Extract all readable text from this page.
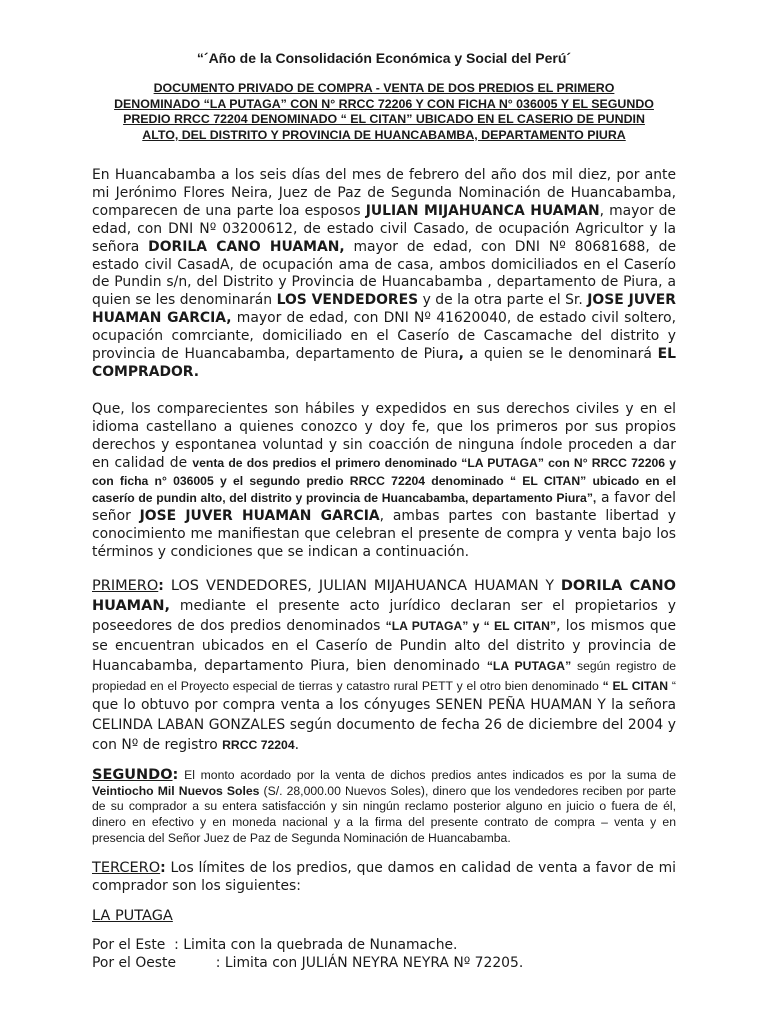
“´Año de la Consolidación Económica y Social del Perú´
DOCUMENTO PRIVADO DE COMPRA - VENTA DE DOS PREDIOS EL PRIMERO DENOMINADO “LA PUTAGA” CON N° RRCC 72206 Y CON FICHA N° 036005 Y EL SEGUNDO PREDIO RRCC 72204 DENOMINADO “ EL CITAN” UBICADO EN EL CASERIO DE PUNDIN ALTO, DEL DISTRITO Y PROVINCIA DE HUANCABAMBA, DEPARTAMENTO PIURA

En Huancabamba a los seis días del mes de febrero del año dos mil diez, por ante mi Jerónimo Flores Neira, Juez de Paz de Segunda Nominación de Huancabamba, comparecen de una parte loa esposos JULIAN MIJAHUANCA HUAMAN, mayor de edad, con DNI Nº 03200612, de estado civil Casado, de ocupación Agricultor y la señora DORILA CANO HUAMAN, mayor de edad, con DNI Nº 80681688, de estado civil CasadA, de ocupación ama de casa, ambos domiciliados en el Caserío de Pundin s/n, del Distrito y Provincia de Huancabamba , departamento de Piura, a quien se les denominarán LOS VENDEDORES y de la otra parte el Sr. JOSE JUVER HUAMAN GARCIA, mayor de edad, con DNI Nº 41620040, de estado civil soltero, ocupación comrciante, domiciliado en el Caserío de Cascamache del distrito y provincia de Huancabamba, departamento de Piura, a quien se le denominará EL COMPRADOR.

Que, los comparecientes son hábiles y expedidos en sus derechos civiles y en el idioma castellano a quienes conozco y doy fe, que los primeros por sus propios derechos y espontanea voluntad y sin coacción de ninguna índole proceden a dar en calidad de venta de dos predios el primero denominado “LA PUTAGA” con N° RRCC 72206 y con ficha n° 036005 y el segundo predio RRCC 72204 denominado “ EL CITAN” ubicado en el caserío de pundin alto, del distrito y provincia de Huancabamba, departamento Piura”, a favor del señor JOSE JUVER HUAMAN GARCIA, ambas partes con bastante libertad y conocimiento me manifiestan que celebran el presente de compra y venta bajo los términos y condiciones que se indican a continuación.

PRIMERO: LOS VENDEDORES, JULIAN MIJAHUANCA HUAMAN Y DORILA CANO HUAMAN, mediante el presente acto jurídico declaran ser el propietarios y poseedores de dos predios denominados “LA PUTAGA” y “ EL CITAN”, los mismos que se encuentran ubicados en el Caserío de Pundin alto del distrito y provincia de Huancabamba, departamento Piura, bien denominado “LA PUTAGA” según registro de propiedad en el Proyecto especial de tierras y catastro rural PETT y el otro bien denominado “ EL CITAN “ que lo obtuvo por compra venta a los cónyuges SENEN PEÑA HUAMAN Y la señora CELINDA LABAN GONZALES según documento de fecha 26 de diciembre del 2004 y con Nº de registro RRCC 72204.

SEGUNDO: El monto acordado por la venta de dichos predios antes indicados es por la suma de Veintiocho Mil Nuevos Soles (S/. 28,000.00 Nuevos Soles), dinero que los vendedores reciben por parte de su comprador a su entera satisfacción y sin ningún reclamo posterior alguno en juicio o fuera de él, dinero en efectivo y en moneda nacional y a la firma del presente contrato de compra – venta y en presencia del Señor Juez de Paz de Segunda Nominación de Huancabamba.

TERCERO: Los límites de los predios, que damos en calidad de venta a favor de mi comprador son los siguientes:

LA PUTAGA

Por el Este : Limita con la quebrada de Nunamache.
Por el Oeste : Limita con JULIÁN NEYRA NEYRA Nº 72205.
